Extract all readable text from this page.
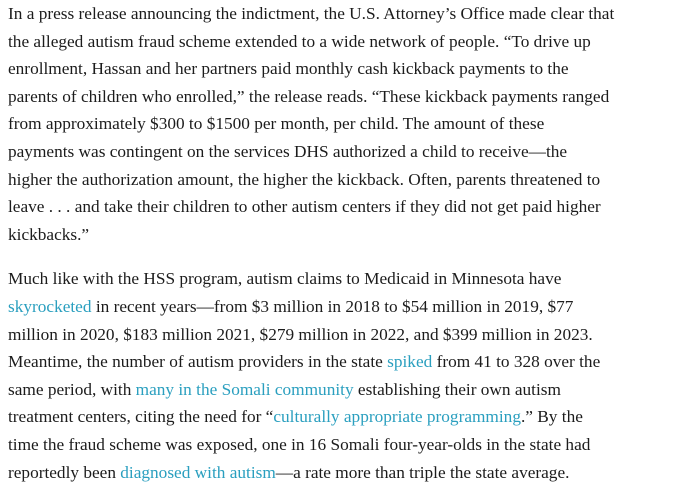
In a press release announcing the indictment, the U.S. Attorney’s Office made clear that
the alleged autism fraud scheme extended to a wide network of people. “To drive up
enrollment, Hassan and her partners paid monthly cash kickback payments to the
parents of children who enrolled,” the release reads. “These kickback payments ranged
from approximately $300 to $1500 per month, per child. The amount of these
payments was contingent on the services DHS authorized a child to receive—the
higher the authorization amount, the higher the kickback. Often, parents threatened to
leave . . . and take their children to other autism centers if they did not get paid higher
kickbacks.”

Much like with the HSS program, autism claims to Medicaid in Minnesota have
skyrocketed in recent years—from $3 million in 2018 to $54 million in 2019, $77
million in 2020, $183 million 2021, $279 million in 2022, and $399 million in 2023.
Meantime, the number of autism providers in the state spiked from 41 to 328 over the
same period, with many in the Somali community establishing their own autism
treatment centers, citing the need for “culturally appropriate programming.” By the
time the fraud scheme was exposed, one in 16 Somali four-year-olds in the state had
reportedly been diagnosed with autism—a rate more than triple the state average.
